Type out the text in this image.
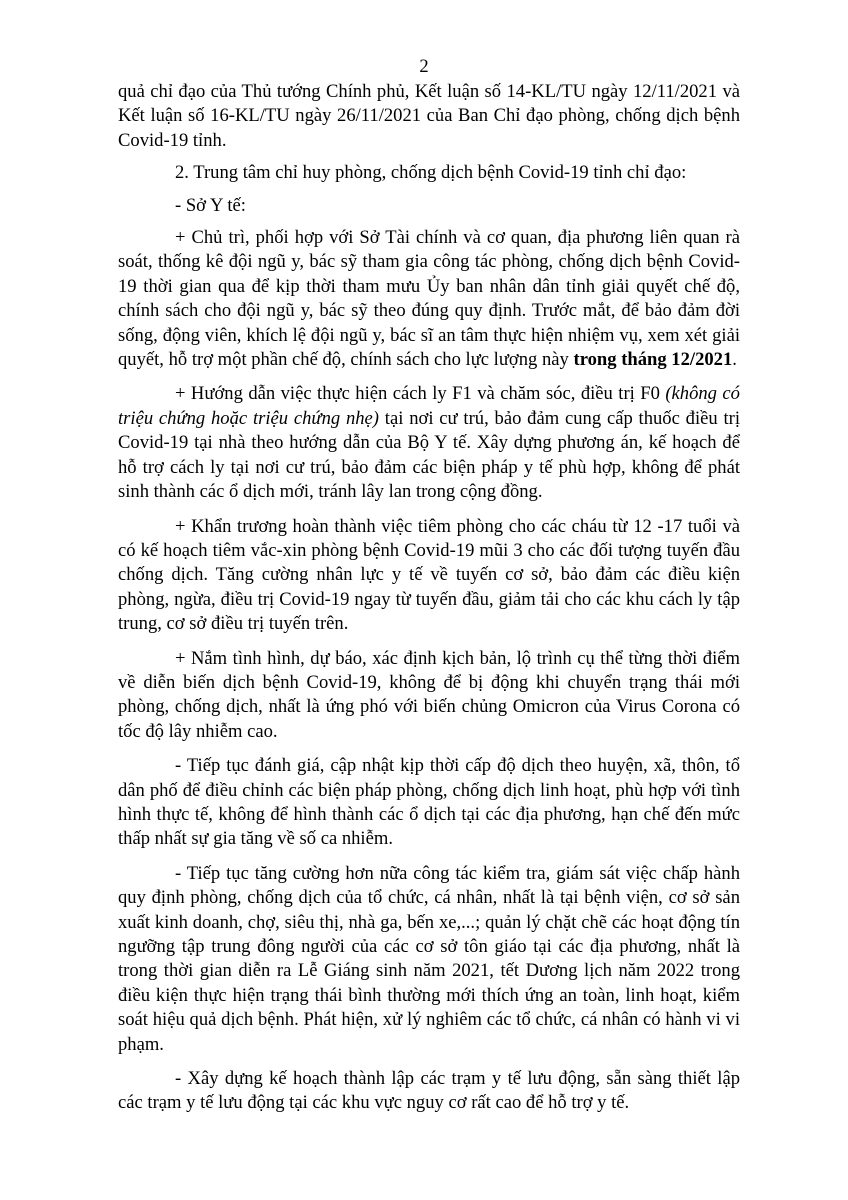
2

quả chỉ đạo của Thủ tướng Chính phủ, Kết luận số 14-KL/TU ngày 12/11/2021 và Kết luận số 16-KL/TU ngày 26/11/2021 của Ban Chỉ đạo phòng, chống dịch bệnh Covid-19 tỉnh.

2. Trung tâm chỉ huy phòng, chống dịch bệnh Covid-19 tỉnh chỉ đạo:

- Sở Y tế:

+ Chủ trì, phối hợp với Sở Tài chính và cơ quan, địa phương liên quan rà soát, thống kê đội ngũ y, bác sỹ tham gia công tác phòng, chống dịch bệnh Covid-19 thời gian qua để kịp thời tham mưu Ủy ban nhân dân tỉnh giải quyết chế độ, chính sách cho đội ngũ y, bác sỹ theo đúng quy định. Trước mắt, để bảo đảm đời sống, động viên, khích lệ đội ngũ y, bác sĩ an tâm thực hiện nhiệm vụ, xem xét giải quyết, hỗ trợ một phần chế độ, chính sách cho lực lượng này trong tháng 12/2021.

+ Hướng dẫn việc thực hiện cách ly F1 và chăm sóc, điều trị F0 (không có triệu chứng hoặc triệu chứng nhẹ) tại nơi cư trú, bảo đảm cung cấp thuốc điều trị Covid-19 tại nhà theo hướng dẫn của Bộ Y tế. Xây dựng phương án, kế hoạch để hỗ trợ cách ly tại nơi cư trú, bảo đảm các biện pháp y tế phù hợp, không để phát sinh thành các ổ dịch mới, tránh lây lan trong cộng đồng.

+ Khẩn trương hoàn thành việc tiêm phòng cho các cháu từ 12 -17 tuổi và có kế hoạch tiêm vắc-xin phòng bệnh Covid-19 mũi 3 cho các đối tượng tuyến đầu chống dịch. Tăng cường nhân lực y tế về tuyến cơ sở, bảo đảm các điều kiện phòng, ngừa, điều trị Covid-19 ngay từ tuyến đầu, giảm tải cho các khu cách ly tập trung, cơ sở điều trị tuyến trên.

+ Nắm tình hình, dự báo, xác định kịch bản, lộ trình cụ thể từng thời điểm về diễn biến dịch bệnh Covid-19, không để bị động khi chuyển trạng thái mới phòng, chống dịch, nhất là ứng phó với biến chủng Omicron của Virus Corona có tốc độ lây nhiễm cao.

- Tiếp tục đánh giá, cập nhật kịp thời cấp độ dịch theo huyện, xã, thôn, tổ dân phố để điều chỉnh các biện pháp phòng, chống dịch linh hoạt, phù hợp với tình hình thực tế, không để hình thành các ổ dịch tại các địa phương, hạn chế đến mức thấp nhất sự gia tăng về số ca nhiễm.

- Tiếp tục tăng cường hơn nữa công tác kiểm tra, giám sát việc chấp hành quy định phòng, chống dịch của tổ chức, cá nhân, nhất là tại bệnh viện, cơ sở sản xuất kinh doanh, chợ, siêu thị, nhà ga, bến xe,...; quản lý chặt chẽ các hoạt động tín ngưỡng tập trung đông người của các cơ sở tôn giáo tại các địa phương, nhất là trong thời gian diễn ra Lễ Giáng sinh năm 2021, tết Dương lịch năm 2022 trong điều kiện thực hiện trạng thái bình thường mới thích ứng an toàn, linh hoạt, kiểm soát hiệu quả dịch bệnh. Phát hiện, xử lý nghiêm các tổ chức, cá nhân có hành vi vi phạm.

- Xây dựng kế hoạch thành lập các trạm y tế lưu động, sẵn sàng thiết lập các trạm y tế lưu động tại các khu vực nguy cơ rất cao để hỗ trợ y tế.
